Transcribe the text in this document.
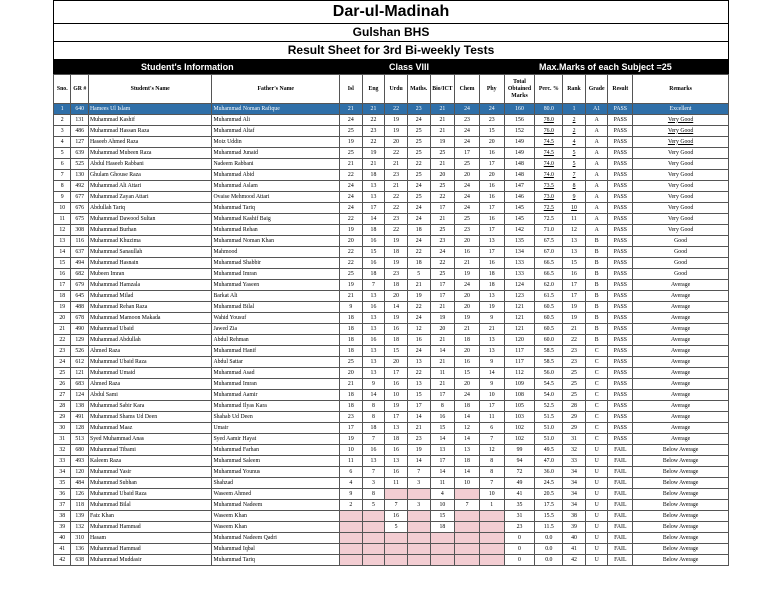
Dar-ul-Madinah
Gulshan BHS
Result Sheet for 3rd Bi-weekly Tests
Student's Information	Class VIII	Max.Marks of each Subject =25
Sno.	GR #	Student's Name	Father's Name	Isl	Eng	Urdu	Maths.	Bio/ICT	Chem	Phy	Total Obtained Marks	Perc. %	Rank	Grade	Result	Remarks
1	640	Hamees Ul Islam	Muhammad Noman Rafique	21	21	22	23	21	24	24	160	80.0	1	A1	PASS	Excellent
2	131	Muhammad Kashif	Muhammad Ali	24	22	19	24	21	23	23	156	78.0	2	A	PASS	Very Good
3	486	Muhammad Hassan Raza	Muhammad Altaf	25	23	19	25	21	24	15	152	76.0	2	A	PASS	Very Good
4	127	Haseeb Ahmed Raza	Moiz Uddin	19	22	20	25	19	24	20	149	74.5	4	A	PASS	Very Good
5	639	Muhammad Mubeen Raza	Muhammad Junaid	25	19	22	25	25	17	16	149	74.5	5	A	PASS	Very Good
6	525	Abdul Haseeb Rabbani	Nadeem Rabbani	21	21	21	22	21	25	17	148	74.0	5	A	PASS	Very Good
7	130	Ghulam Ghouse Raza	Muhammad Abid	22	18	23	25	20	20	20	148	74.0	7	A	PASS	Very Good
8	492	Muhammad Ali Attari	Muhammad Aslam	24	13	21	24	25	24	16	147	73.5	8	A	PASS	Very Good
9	677	Muhammad Zayan Attari	Ovaise Mehmood Attari	24	13	22	25	22	24	16	146	73.0	9	A	PASS	Very Good
10	676	Abdullah Tariq	Muhammad Tariq	24	17	22	24	17	24	17	145	72.5	10	A	PASS	Very Good
11	675	Muhammad Dawood Sultan	Muhammad Kashif Baig	22	14	23	24	21	25	16	145	72.5	11	A	PASS	Very Good
12	308	Muhammad Burhan	Muhammad Rehan	19	18	22	18	25	23	17	142	71.0	12	A	PASS	Very Good
13	116	Muhammad Khuzima	Muhammad Noman Khan	20	16	19	24	23	20	13	135	67.5	13	B	PASS	Good
14	637	Muhammad Sanaullah	Mahmood	22	15	18	22	24	16	17	134	67.0	13	B	PASS	Good
15	494	Muhammad Hasnain	Muhammad Shabbir	22	16	19	18	22	21	16	133	66.5	15	B	PASS	Good
16	682	Mubeen Imran	Muhammad Imran	25	18	23	5	25	19	18	133	66.5	16	B	PASS	Good
17	679	Muhammad Hamzala	Muhammad Yaseen	19	7	18	21	17	24	18	124	62.0	17	B	PASS	Average
18	645	Muhammad Milad	Barkat Ali	21	13	20	19	17	20	13	123	61.5	17	B	PASS	Average
19	488	Muhammad Rehan Raza	Muhammad Bilal	9	16	14	22	21	20	19	121	60.5	19	B	PASS	Average
20	678	Muhammad Mamoon Makada	Wahid Yousuf	18	13	19	24	19	19	9	121	60.5	19	B	PASS	Average
21	490	Muhammad Ubaid	Jawed Zia	18	13	16	12	20	21	21	121	60.5	21	B	PASS	Average
22	129	Muhammad Abdullah	Abdul Rehman	18	16	18	16	21	18	13	120	60.0	22	B	PASS	Average
23	526	Ahmed Raza	Muhammad Hanif	18	13	15	24	14	20	13	117	58.5	23	C	PASS	Average
24	612	Muhammad Ubaid Raza	Abdul Sattar	25	13	20	13	21	16	9	117	58.5	23	C	PASS	Average
25	121	Muhammad Umaid	Muhammad Asad	20	13	17	22	11	15	14	112	56.0	25	C	PASS	Average
26	683	Ahmed Raza	Muhammad Imran	21	9	16	13	21	20	9	109	54.5	25	C	PASS	Average
27	124	Abdul Sami	Muhammad Aamir	18	14	10	15	17	24	10	108	54.0	25	C	PASS	Average
28	138	Muhammad Sabir Kara	Muhammad Ilyas Kara	18	8	19	17	8	18	17	105	52.5	28	C	PASS	Average
29	491	Muhammad Shams Ud Deen	Shahab Ud Deen	23	8	17	14	16	14	11	103	51.5	29	C	PASS	Average
30	128	Muhammad Maaz	Umair	17	18	13	21	15	12	6	102	51.0	29	C	PASS	Average
31	513	Syed Muhammad Anas	Syed Aamir Hayat	19	7	18	23	14	14	7	102	51.0	31	C	PASS	Average
32	680	Muhammad Tibami	Muhammad Farhan	10	16	16	19	13	13	12	99	49.5	32	U	FAIL	Below Average
33	493	Kaleem Raza	Muhammad Saleem	11	13	13	14	17	18	8	94	47.0	33	U	FAIL	Below Average
34	120	Muhammad Yasir	Muhammad Younus	6	7	16	7	14	14	8	72	36.0	34	U	FAIL	Below Average
35	484	Muhammad Subhan	Shahzad	4	3	11	3	11	10	7	49	24.5	34	U	FAIL	Below Average
36	126	Muhammad Ubaid Raza	Waseem Ahmed	9	8			4		10	41	20.5	34	U	FAIL	Below Average
37	118	Muhammad Bilal	Muhammad Nadeem	2	5	7	3	10	7	1	35	17.5	34	U	FAIL	Below Average
38	139	Faiz Khan	Waseem Khan			16		15			31	15.5	38	U	FAIL	Below Average
39	132	Muhammad Hammad	Waseem Khan			5		18			23	11.5	39	U	FAIL	Below Average
40	310	Hasam	Muhammad Nadeem Qadri								0	0.0	40	U	FAIL	Below Average
41	136	Muhammad Hammad	Muhammad Iqbal								0	0.0	41	U	FAIL	Below Average
42	638	Muhammad Muddasir	Muhammad Tariq								0	0.0	42	U	FAIL	Below Average
